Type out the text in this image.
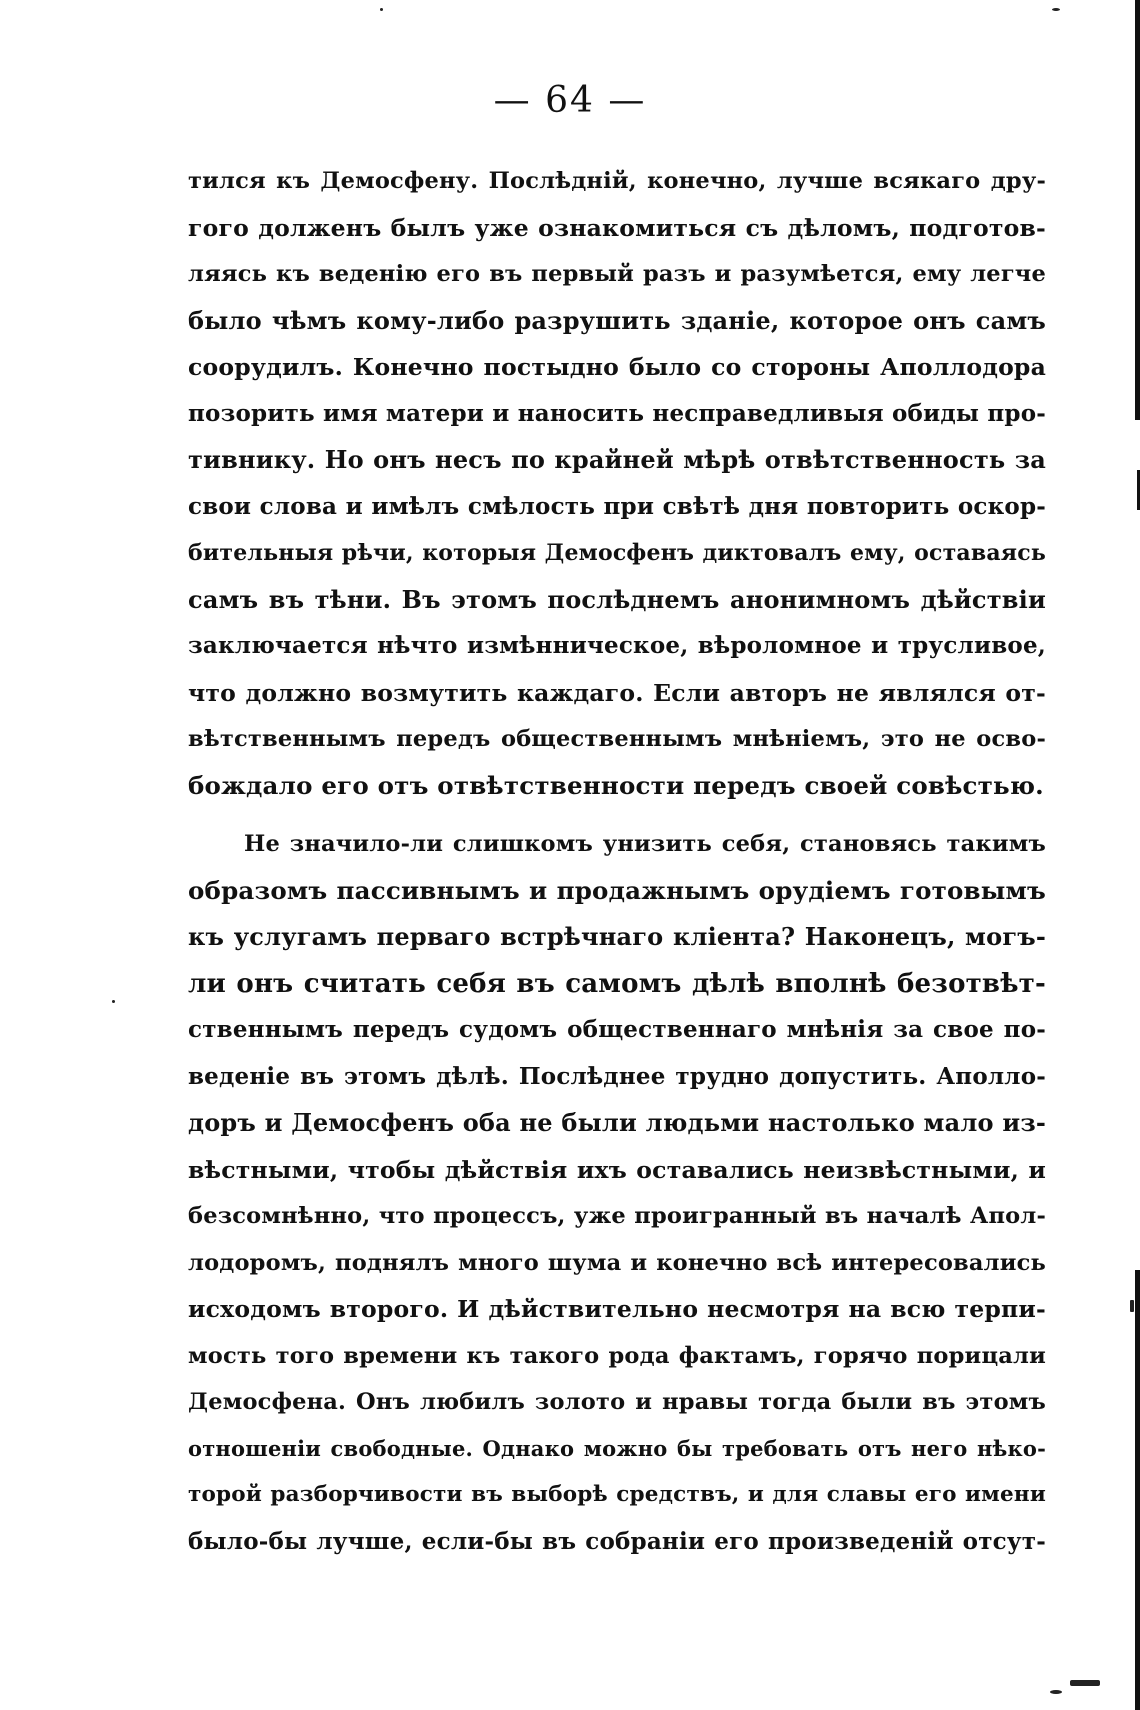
— 64 —
тился къ Демосфену. Послѣдній, конечно, лучше всякаго дру-
гого долженъ былъ уже ознакомиться съ дѣломъ, подготов-
ляясь къ веденію его въ первый разъ и разумѣется, ему легче
было чѣмъ кому-либо разрушить зданіе, которое онъ самъ
соорудилъ. Конечно постыдно было со стороны Аполлодора
позорить имя матери и наносить несправедливыя обиды про-
тивнику. Но онъ несъ по крайней мѣрѣ отвѣтственность за
свои слова и имѣлъ смѣлость при свѣтѣ дня повторить оскор-
бительныя рѣчи, которыя Демосфенъ диктовалъ ему, оставаясь
самъ въ тѣни. Въ этомъ послѣднемъ анонимномъ дѣйствіи
заключается нѣчто измѣнническое, вѣроломное и трусливое,
что должно возмутить каждаго. Если авторъ не являлся от-
вѣтственнымъ передъ общественнымъ мнѣніемъ, это не осво-
бождало его отъ отвѣтственности передъ своей совѣстью.
Не значило-ли слишкомъ унизить себя, становясь такимъ
образомъ пассивнымъ и продажнымъ орудіемъ готовымъ
къ услугамъ перваго встрѣчнаго кліента? Наконецъ, могъ-
ли онъ считать себя въ самомъ дѣлѣ вполнѣ безотвѣт-
ственнымъ передъ судомъ общественнаго мнѣнія за свое по-
веденіе въ этомъ дѣлѣ. Послѣднее трудно допустить. Аполло-
доръ и Демосфенъ оба не были людьми настолько мало из-
вѣстными, чтобы дѣйствія ихъ оставались неизвѣстными, и
безсомнѣнно, что процессъ, уже проигранный въ началѣ Апол-
лодоромъ, поднялъ много шума и конечно всѣ интересовались
исходомъ второго. И дѣйствительно несмотря на всю терпи-
мость того времени къ такого рода фактамъ, горячо порицали
Демосфена. Онъ любилъ золото и нравы тогда были въ этомъ
отношеніи свободные. Однако можно бы требовать отъ него нѣко-
торой разборчивости въ выборѣ средствъ, и для славы его имени
было-бы лучше, если-бы въ собраніи его произведеній отсут-
